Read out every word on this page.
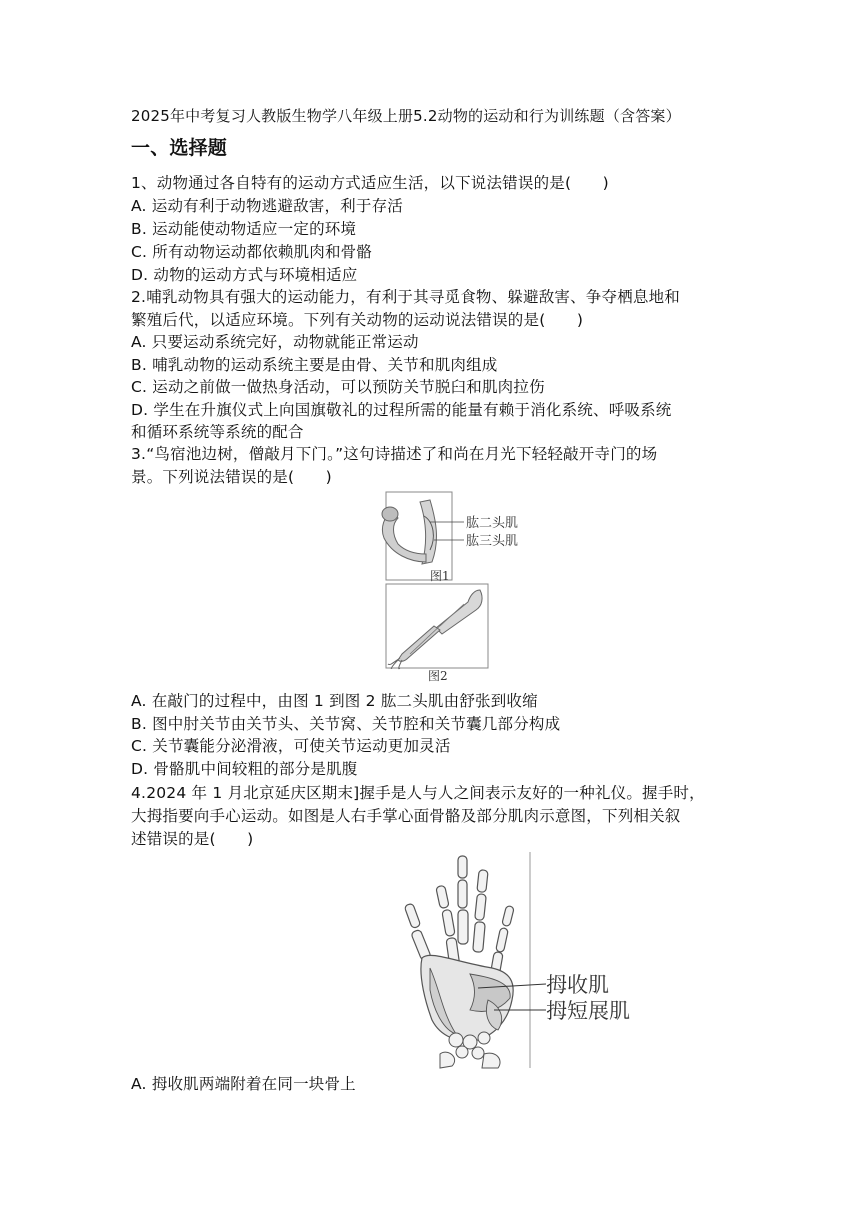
2025年中考复习人教版生物学八年级上册5.2动物的运动和行为训练题（含答案）
一、选择题
1、动物通过各自特有的运动方式适应生活，以下说法错误的是(　　)
A. 运动有利于动物逃避敌害，利于存活
B. 运动能使动物适应一定的环境
C. 所有动物运动都依赖肌肉和骨骼
D. 动物的运动方式与环境相适应
2.哺乳动物具有强大的运动能力，有利于其寻觅食物、躲避敌害、争夺栖息地和
繁殖后代，以适应环境。下列有关动物的运动说法错误的是(　　)
A. 只要运动系统完好，动物就能正常运动
B. 哺乳动物的运动系统主要是由骨、关节和肌肉组成
C. 运动之前做一做热身活动，可以预防关节脱臼和肌肉拉伤
D. 学生在升旗仪式上向国旗敬礼的过程所需的能量有赖于消化系统、呼吸系统
和循环系统等系统的配合
3.“鸟宿池边树，僧敲月下门。”这句诗描述了和尚在月光下轻轻敲开寺门的场
景。下列说法错误的是(　　)
肱二头肌
肱三头肌
图1
图2
A. 在敲门的过程中，由图 1 到图 2 肱二头肌由舒张到收缩
B. 图中肘关节由关节头、关节窝、关节腔和关节囊几部分构成
C. 关节囊能分泌滑液，可使关节运动更加灵活
D. 骨骼肌中间较粗的部分是肌腹
4.2024 年 1 月北京延庆区期末]握手是人与人之间表示友好的一种礼仪。握手时，
大拇指要向手心运动。如图是人右手掌心面骨骼及部分肌肉示意图，下列相关叙
述错误的是(　　)
拇收肌
拇短展肌
A. 拇收肌两端附着在同一块骨上
